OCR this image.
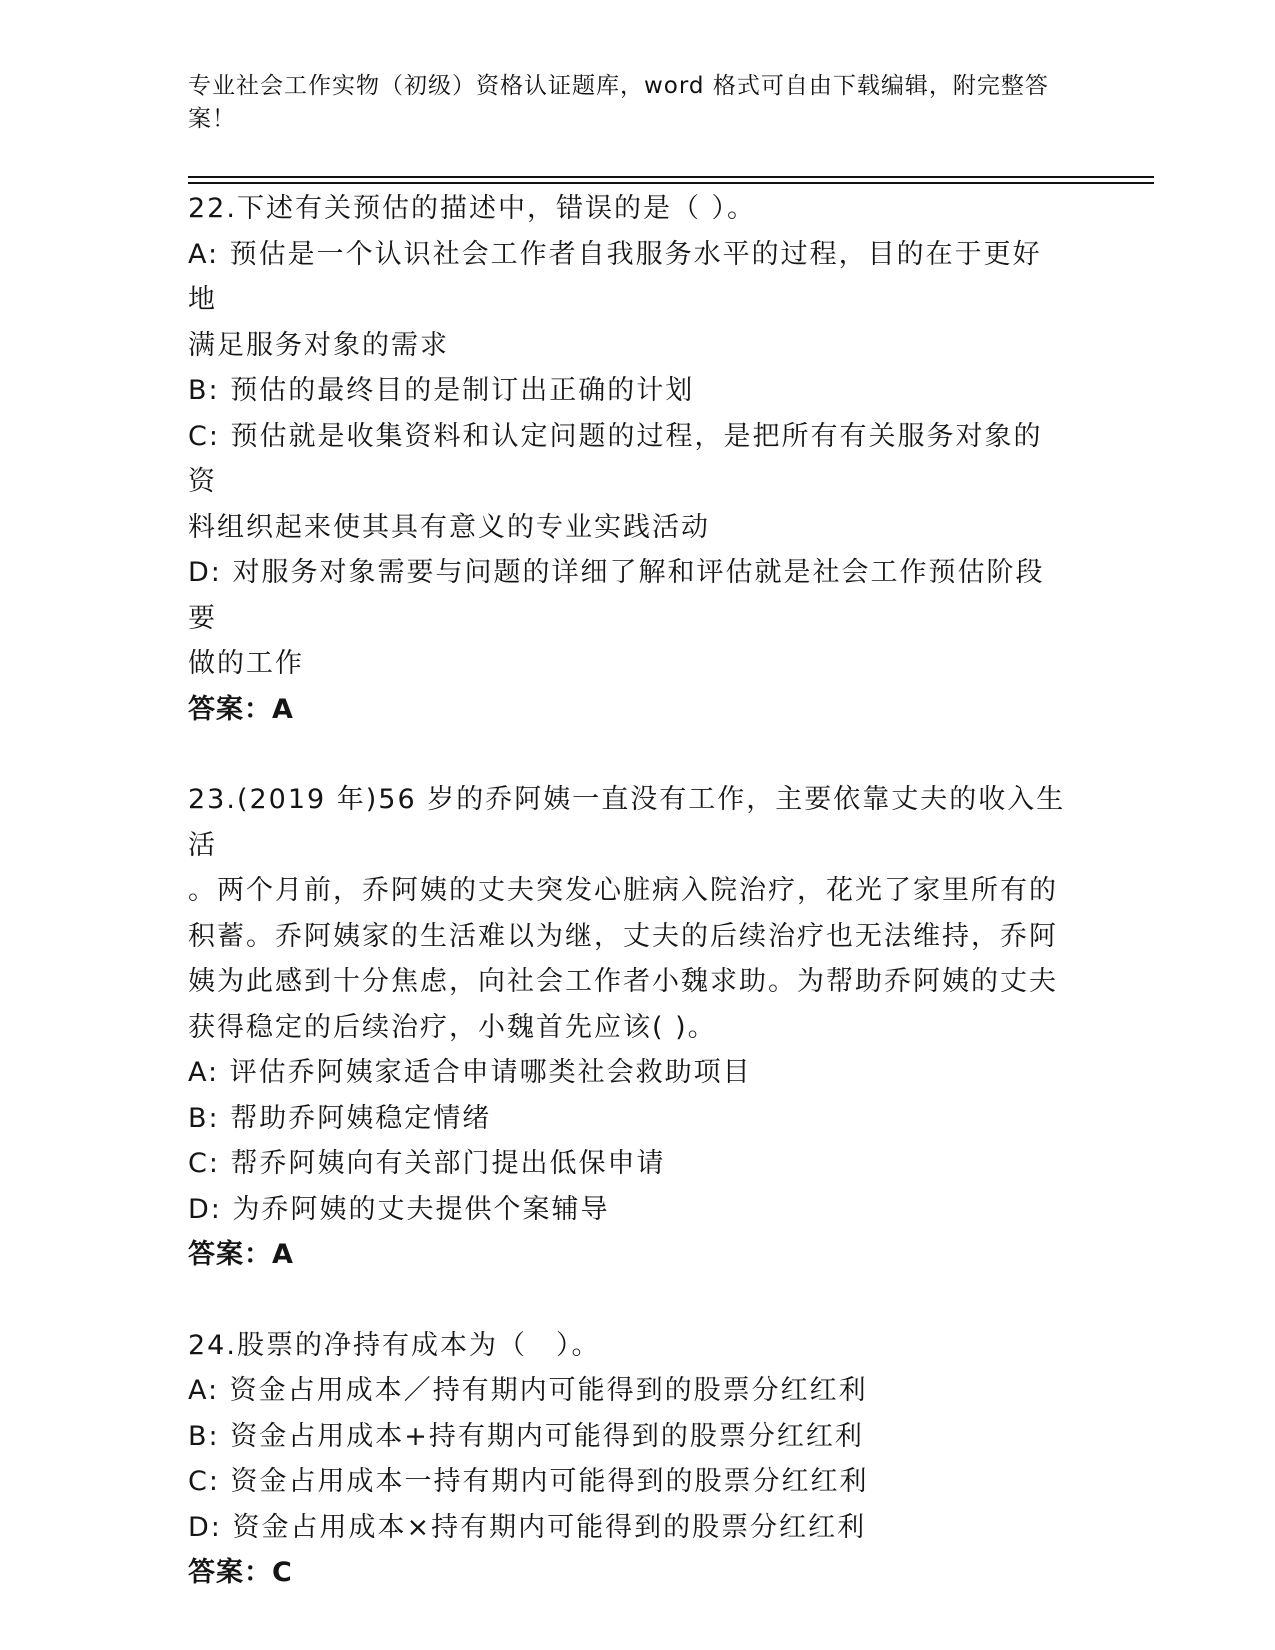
专业社会工作实物（初级）资格认证题库，word 格式可自由下载编辑，附完整答
案！
22.下述有关预估的描述中，错误的是（ ）。
A: 预估是一个认识社会工作者自我服务水平的过程，目的在于更好地
满足服务对象的需求
B: 预估的最终目的是制订出正确的计划
C: 预估就是收集资料和认定问题的过程，是把所有有关服务对象的资
料组织起来使其具有意义的专业实践活动
D: 对服务对象需要与问题的详细了解和评估就是社会工作预估阶段要
做的工作
答案：A
23.(2019 年)56 岁的乔阿姨一直没有工作，主要依靠丈夫的收入生活
。两个月前，乔阿姨的丈夫突发心脏病入院治疗，花光了家里所有的
积蓄。乔阿姨家的生活难以为继，丈夫的后续治疗也无法维持，乔阿
姨为此感到十分焦虑，向社会工作者小魏求助。为帮助乔阿姨的丈夫
获得稳定的后续治疗，小魏首先应该( )。
A: 评估乔阿姨家适合申请哪类社会救助项目
B: 帮助乔阿姨稳定情绪
C: 帮乔阿姨向有关部门提出低保申请
D: 为乔阿姨的丈夫提供个案辅导
答案：A
24.股票的净持有成本为（　）。
A: 资金占用成本／持有期内可能得到的股票分红红利
B: 资金占用成本+持有期内可能得到的股票分红红利
C: 资金占用成本一持有期内可能得到的股票分红红利
D: 资金占用成本×持有期内可能得到的股票分红红利
答案：C
